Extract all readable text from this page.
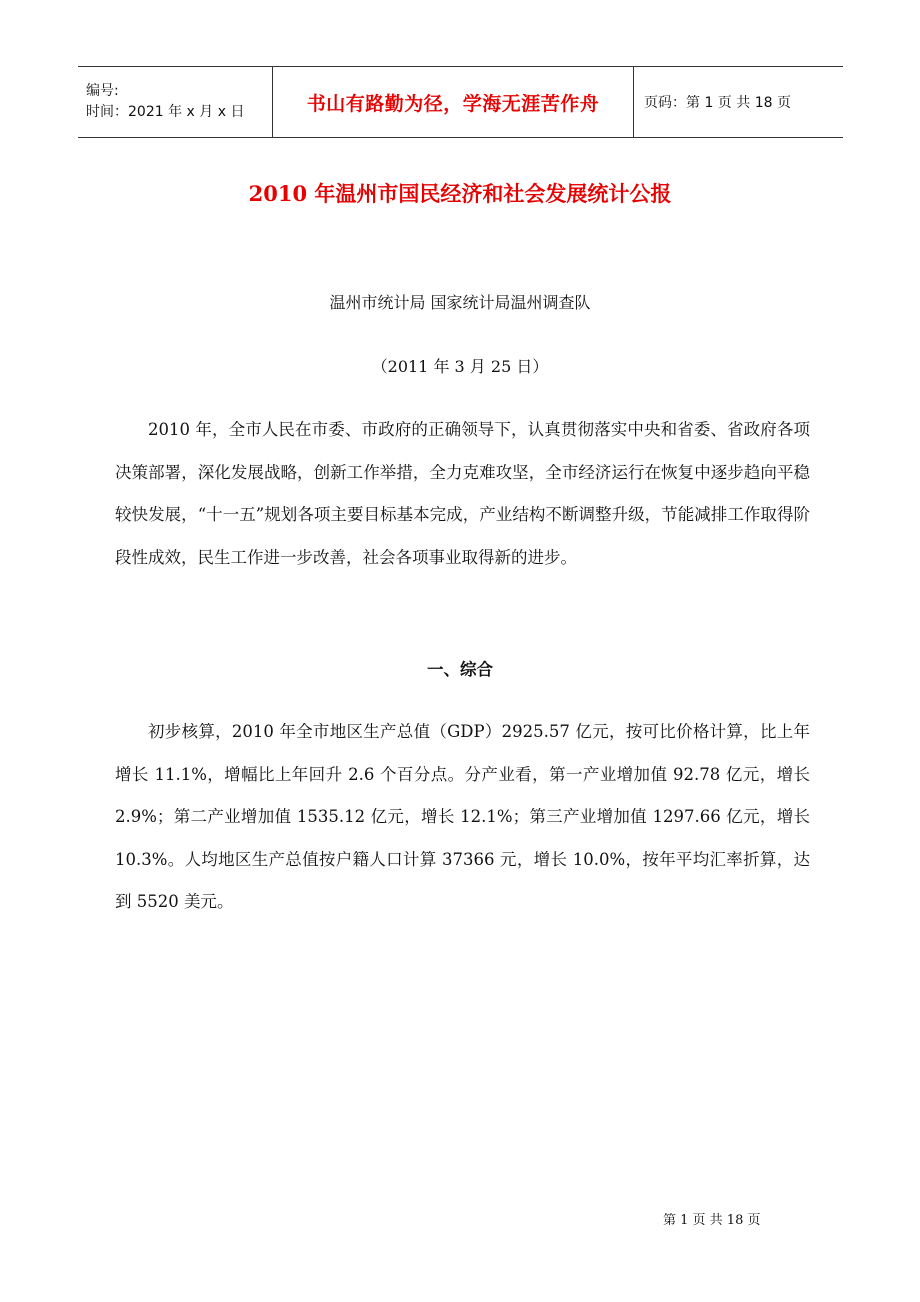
编号:
时间：2021 年 x 月 x 日	书山有路勤为径，学海无涯苦作舟	页码：第 1 页 共 18 页
2010 年温州市国民经济和社会发展统计公报
温州市统计局 国家统计局温州调查队
（2011 年 3 月 25 日）

2010 年，全市人民在市委、市政府的正确领导下，认真贯彻落实中央和省委、省政府各项决策部署，深化发展战略，创新工作举措，全力克难攻坚，全市经济运行在恢复中逐步趋向平稳较快发展，“十一五”规划各项主要目标基本完成，产业结构不断调整升级，节能减排工作取得阶段性成效，民生工作进一步改善，社会各项事业取得新的进步。

一、综合

初步核算，2010 年全市地区生产总值（GDP）2925.57 亿元，按可比价格计算，比上年增长 11.1%，增幅比上年回升 2.6 个百分点。分产业看，第一产业增加值 92.78 亿元，增长 2.9%；第二产业增加值 1535.12 亿元，增长 12.1%；第三产业增加值 1297.66 亿元，增长 10.3%。人均地区生产总值按户籍人口计算 37366 元，增长 10.0%，按年平均汇率折算，达到 5520 美元。

第 1 页 共 18 页
